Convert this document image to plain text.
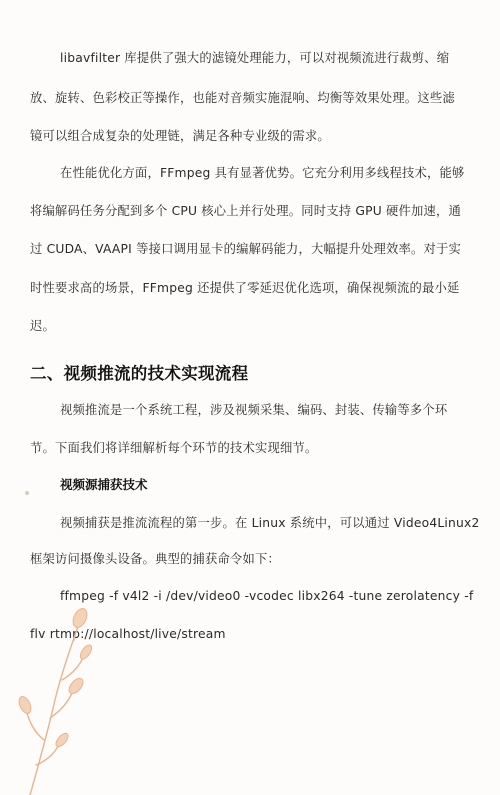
libavfilter 库提供了强大的滤镜处理能力，可以对视频流进行裁剪、缩
放、旋转、色彩校正等操作，也能对音频实施混响、均衡等效果处理。这些滤
镜可以组合成复杂的处理链，满足各种专业级的需求。
在性能优化方面，FFmpeg 具有显著优势。它充分利用多线程技术，能够
将编解码任务分配到多个 CPU 核心上并行处理。同时支持 GPU 硬件加速，通
过 CUDA、VAAPI 等接口调用显卡的编解码能力，大幅提升处理效率。对于实
时性要求高的场景，FFmpeg 还提供了零延迟优化选项，确保视频流的最小延
迟。
二、视频推流的技术实现流程
视频推流是一个系统工程，涉及视频采集、编码、封装、传输等多个环
节。下面我们将详细解析每个环节的技术实现细节。
视频源捕获技术
视频捕获是推流流程的第一步。在 Linux 系统中，可以通过 Video4Linux2
框架访问摄像头设备。典型的捕获命令如下：
ffmpeg -f v4l2 -i /dev/video0 -vcodec libx264 -tune zerolatency -f
flv rtmp://localhost/live/stream
